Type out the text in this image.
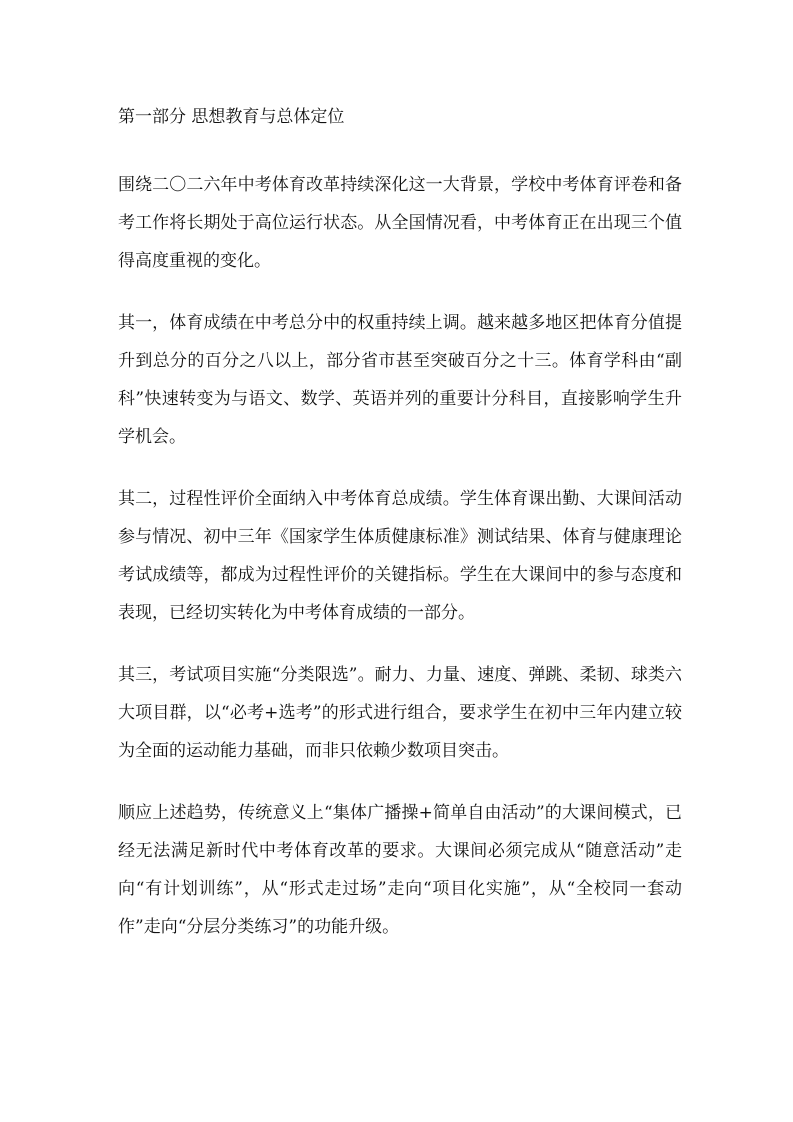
第一部分 思想教育与总体定位

围绕二〇二六年中考体育改革持续深化这一大背景，学校中考体育评卷和备考工作将长期处于高位运行状态。从全国情况看，中考体育正在出现三个值得高度重视的变化。

其一，体育成绩在中考总分中的权重持续上调。越来越多地区把体育分值提升到总分的百分之八以上，部分省市甚至突破百分之十三。体育学科由“副科”快速转变为与语文、数学、英语并列的重要计分科目，直接影响学生升学机会。

其二，过程性评价全面纳入中考体育总成绩。学生体育课出勤、大课间活动参与情况、初中三年《国家学生体质健康标准》测试结果、体育与健康理论考试成绩等，都成为过程性评价的关键指标。学生在大课间中的参与态度和表现，已经切实转化为中考体育成绩的一部分。

其三，考试项目实施“分类限选”。耐力、力量、速度、弹跳、柔韧、球类六大项目群，以“必考+选考”的形式进行组合，要求学生在初中三年内建立较为全面的运动能力基础，而非只依赖少数项目突击。

顺应上述趋势，传统意义上“集体广播操+简单自由活动”的大课间模式，已经无法满足新时代中考体育改革的要求。大课间必须完成从“随意活动”走向“有计划训练”，从“形式走过场”走向“项目化实施”，从“全校同一套动作”走向“分层分类练习”的功能升级。
